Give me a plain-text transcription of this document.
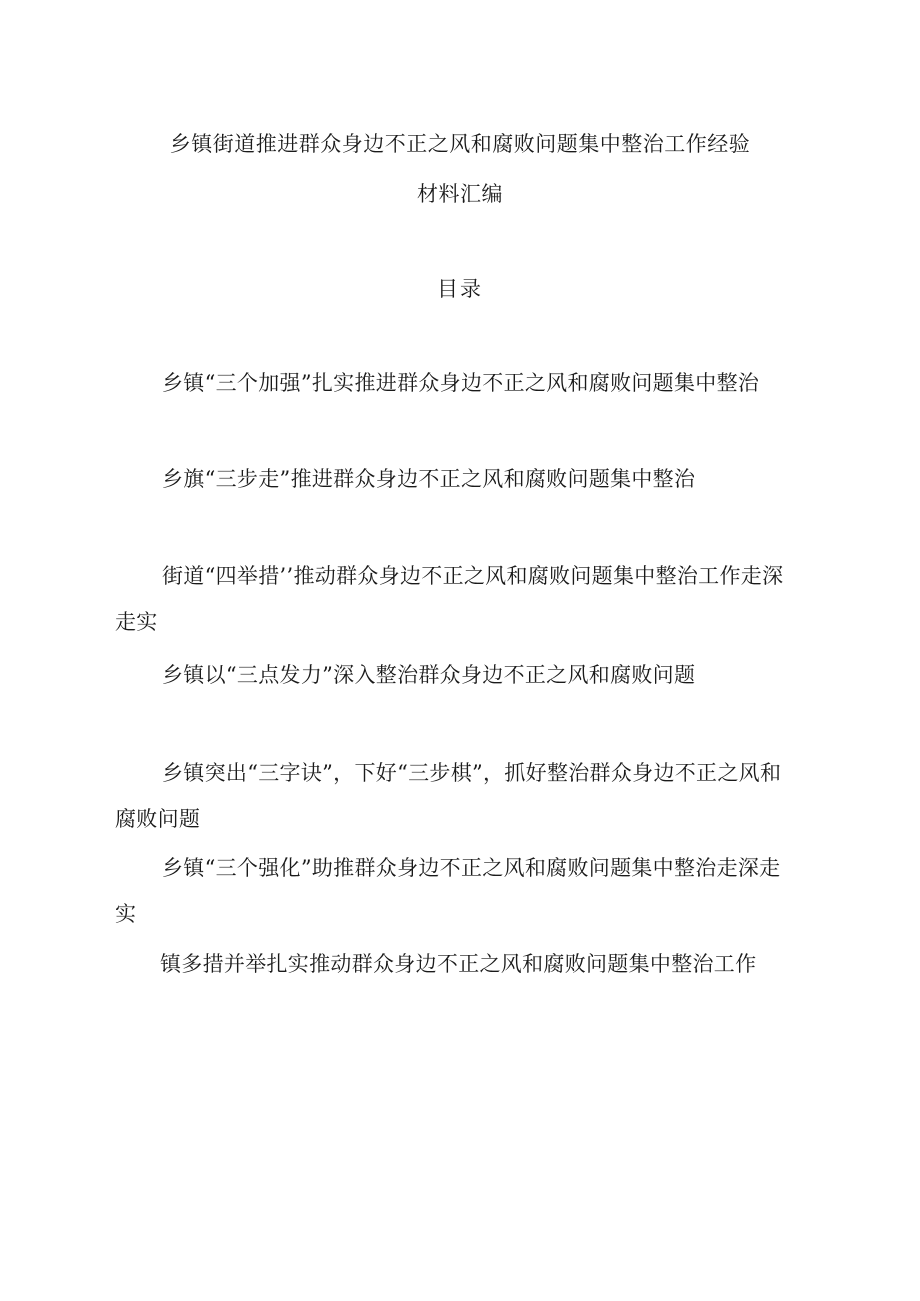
乡镇街道推进群众身边不正之风和腐败问题集中整治工作经验
材料汇编
目录
乡镇“三个加强”扎实推进群众身边不正之风和腐败问题集中整治
乡旗“三步走”推进群众身边不正之风和腐败问题集中整治
街道“四举措’’推动群众身边不正之风和腐败问题集中整治工作走深走实
乡镇以“三点发力”深入整治群众身边不正之风和腐败问题
乡镇突出“三字诀”，下好“三步棋”，抓好整治群众身边不正之风和腐败问题
乡镇“三个强化”助推群众身边不正之风和腐败问题集中整治走深走实
镇多措并举扎实推动群众身边不正之风和腐败问题集中整治工作
